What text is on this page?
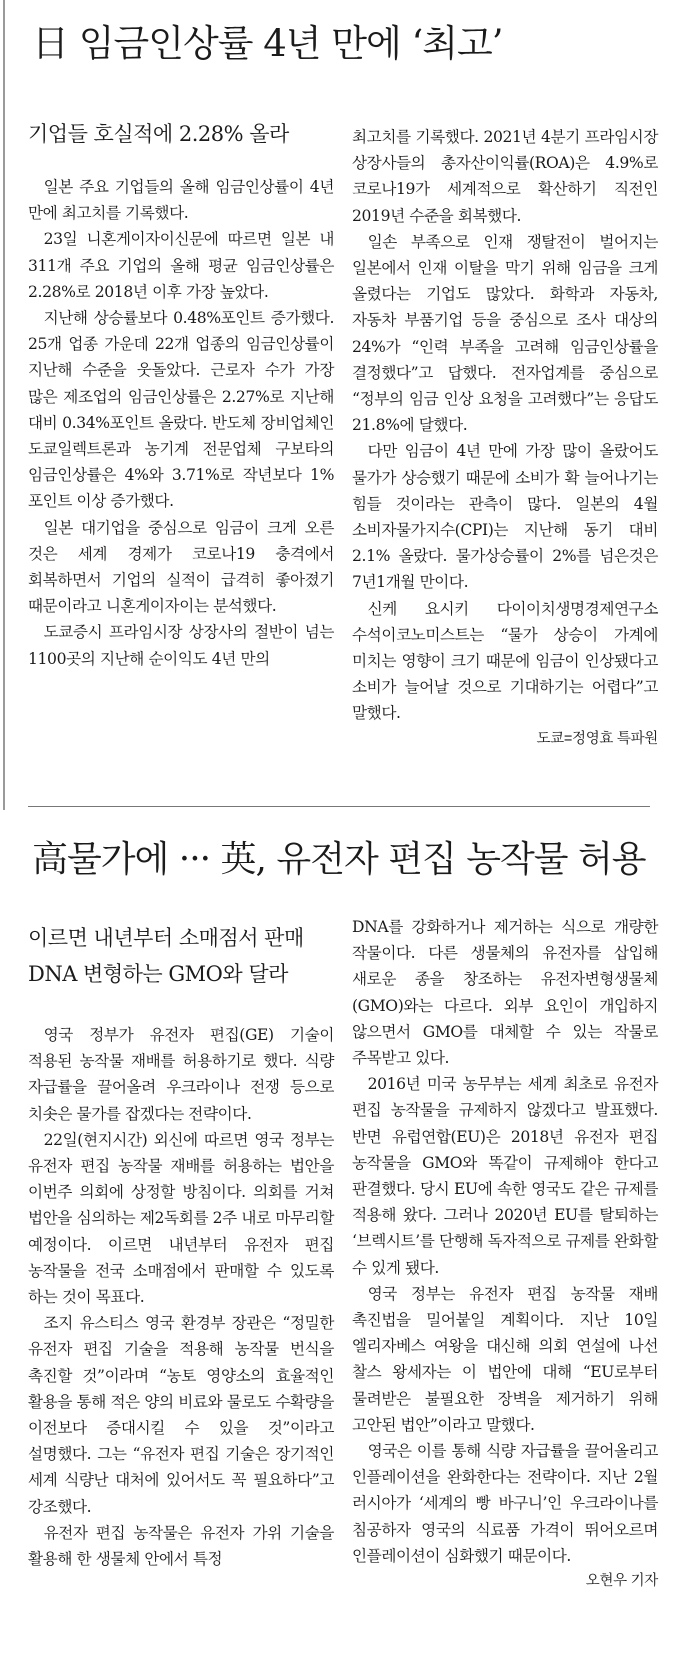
日 임금인상률 4년 만에 ‘최고’
기업들 호실적에 2.28% 올라

일본 주요 기업들의 올해 임금인상률이 4년 만에 최고치를 기록했다.

23일 니혼게이자이신문에 따르면 일본 내 311개 주요 기업의 올해 평균 임금인상률은 2.28%로 2018년 이후 가장 높았다.

지난해 상승률보다 0.48%포인트 증가했다. 25개 업종 가운데 22개 업종의 임금인상률이 지난해 수준을 웃돌았다. 근로자 수가 가장 많은 제조업의 임금인상률은 2.27%로 지난해 대비 0.34%포인트 올랐다. 반도체 장비업체인 도쿄일렉트론과 농기계 전문업체 구보타의 임금인상률은 4%와 3.71%로 작년보다 1%포인트 이상 증가했다.

일본 대기업을 중심으로 임금이 크게 오른 것은 세계 경제가 코로나19 충격에서 회복하면서 기업의 실적이 급격히 좋아졌기 때문이라고 니혼게이자이는 분석했다.

도쿄증시 프라임시장 상장사의 절반이 넘는 1100곳의 지난해 순이익도 4년 만의

최고치를 기록했다. 2021년 4분기 프라임시장 상장사들의 총자산이익률(ROA)은 4.9%로 코로나19가 세계적으로 확산하기 직전인 2019년 수준을 회복했다.

일손 부족으로 인재 쟁탈전이 벌어지는 일본에서 인재 이탈을 막기 위해 임금을 크게 올렸다는 기업도 많았다. 화학과 자동차, 자동차 부품기업 등을 중심으로 조사 대상의 24%가 “인력 부족을 고려해 임금인상률을 결정했다”고 답했다. 전자업계를 중심으로 “정부의 임금 인상 요청을 고려했다”는 응답도 21.8%에 달했다.

다만 임금이 4년 만에 가장 많이 올랐어도 물가가 상승했기 때문에 소비가 확 늘어나기는 힘들 것이라는 관측이 많다. 일본의 4월 소비자물가지수(CPI)는 지난해 동기 대비 2.1% 올랐다. 물가상승률이 2%를 넘은것은 7년1개월 만이다.

신케 요시키 다이이치생명경제연구소 수석이코노미스트는 “물가 상승이 가계에 미치는 영향이 크기 때문에 임금이 인상됐다고 소비가 늘어날 것으로 기대하기는 어렵다”고 말했다.

도쿄=정영효 특파원
高물가에 ··· 英, 유전자 편집 농작물 허용
이르면 내년부터 소매점서 판매
DNA 변형하는 GMO와 달라

영국 정부가 유전자 편집(GE) 기술이 적용된 농작물 재배를 허용하기로 했다. 식량 자급률을 끌어올려 우크라이나 전쟁 등으로 치솟은 물가를 잡겠다는 전략이다.

22일(현지시간) 외신에 따르면 영국 정부는 유전자 편집 농작물 재배를 허용하는 법안을 이번주 의회에 상정할 방침이다. 의회를 거쳐 법안을 심의하는 제2독회를 2주 내로 마무리할 예정이다. 이르면 내년부터 유전자 편집 농작물을 전국 소매점에서 판매할 수 있도록 하는 것이 목표다.

조지 유스티스 영국 환경부 장관은 “정밀한 유전자 편집 기술을 적용해 농작물 번식을 촉진할 것”이라며 “농토 영양소의 효율적인 활용을 통해 적은 양의 비료와 물로도 수확량을 이전보다 증대시킬 수 있을 것”이라고 설명했다. 그는 “유전자 편집 기술은 장기적인 세계 식량난 대처에 있어서도 꼭 필요하다”고 강조했다.

유전자 편집 농작물은 유전자 가위 기술을 활용해 한 생물체 안에서 특정

DNA를 강화하거나 제거하는 식으로 개량한 작물이다. 다른 생물체의 유전자를 삽입해 새로운 종을 창조하는 유전자변형생물체(GMO)와는 다르다. 외부 요인이 개입하지 않으면서 GMO를 대체할 수 있는 작물로 주목받고 있다.

2016년 미국 농무부는 세계 최초로 유전자 편집 농작물을 규제하지 않겠다고 발표했다. 반면 유럽연합(EU)은 2018년 유전자 편집 농작물을 GMO와 똑같이 규제해야 한다고 판결했다. 당시 EU에 속한 영국도 같은 규제를 적용해 왔다. 그러나 2020년 EU를 탈퇴하는 ‘브렉시트’를 단행해 독자적으로 규제를 완화할 수 있게 됐다.

영국 정부는 유전자 편집 농작물 재배 촉진법을 밀어붙일 계획이다. 지난 10일 엘리자베스 여왕을 대신해 의회 연설에 나선 찰스 왕세자는 이 법안에 대해 “EU로부터 물려받은 불필요한 장벽을 제거하기 위해 고안된 법안”이라고 말했다.

영국은 이를 통해 식량 자급률을 끌어올리고 인플레이션을 완화한다는 전략이다. 지난 2월 러시아가 ‘세계의 빵 바구니’인 우크라이나를 침공하자 영국의 식료품 가격이 뛰어오르며 인플레이션이 심화했기 때문이다.

오현우 기자
